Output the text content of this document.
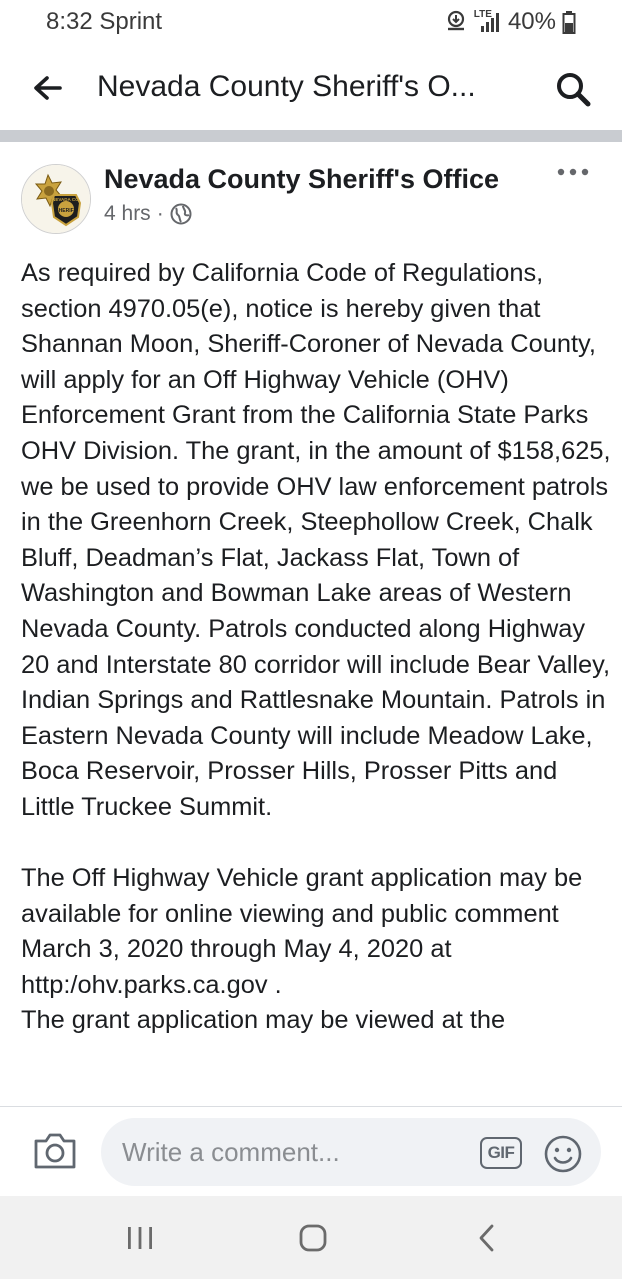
8:32 Sprint	LTE 40%
Nevada County Sheriff's O...
SHERIFF
NEVADA CO.
Nevada County Sheriff's Office
4 hrs ·

As required by California Code of Regulations, section 4970.05(e), notice is hereby given that Shannan Moon, Sheriff-Coroner of Nevada County, will apply for an Off Highway Vehicle (OHV) Enforcement Grant from the California State Parks OHV Division. The grant, in the amount of $158,625, we be used to provide OHV law enforcement patrols in the Greenhorn Creek, Steephollow Creek, Chalk Bluff, Deadman’s Flat, Jackass Flat, Town of Washington and Bowman Lake areas of Western Nevada County. Patrols conducted along Highway 20 and Interstate 80 corridor will include Bear Valley, Indian Springs and Rattlesnake Mountain. Patrols in Eastern Nevada County will include Meadow Lake, Boca Reservoir, Prosser Hills, Prosser Pitts and Little Truckee Summit.

The Off Highway Vehicle grant application may be available for online viewing and public comment March 3, 2020 through May 4, 2020 at http:/ohv.parks.ca.gov .

The grant application may be viewed at the

Write a comment...
GIF
